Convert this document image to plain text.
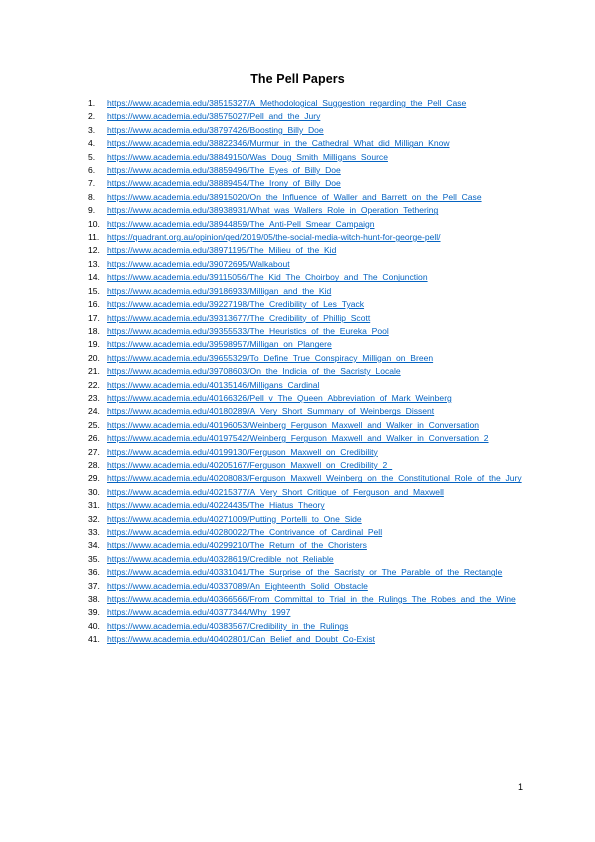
The Pell Papers
1. https://www.academia.edu/38515327/A_Methodological_Suggestion_regarding_the_Pell_Case
2. https://www.academia.edu/38575027/Pell_and_the_Jury
3. https://www.academia.edu/38797426/Boosting_Billy_Doe
4. https://www.academia.edu/38822346/Murmur_in_the_Cathedral_What_did_Milligan_Know
5. https://www.academia.edu/38849150/Was_Doug_Smith_Milligans_Source
6. https://www.academia.edu/38859496/The_Eyes_of_Billy_Doe
7. https://www.academia.edu/38889454/The_Irony_of_Billy_Doe
8. https://www.academia.edu/38915020/On_the_Influence_of_Waller_and_Barrett_on_the_Pell_Case
9. https://www.academia.edu/38938931/What_was_Wallers_Role_in_Operation_Tethering
10. https://www.academia.edu/38944859/The_Anti-Pell_Smear_Campaign
11. https://quadrant.org.au/opinion/qed/2019/05/the-social-media-witch-hunt-for-george-pell/
12. https://www.academia.edu/38971195/The_Milieu_of_the_Kid
13. https://www.academia.edu/39072695/Walkabout
14. https://www.academia.edu/39115056/The_Kid_The_Choirboy_and_The_Conjunction
15. https://www.academia.edu/39186933/Milligan_and_the_Kid
16. https://www.academia.edu/39227198/The_Credibility_of_Les_Tyack
17. https://www.academia.edu/39313677/The_Credibility_of_Phillip_Scott
18. https://www.academia.edu/39355533/The_Heuristics_of_the_Eureka_Pool
19. https://www.academia.edu/39598957/Milligan_on_Plangere
20. https://www.academia.edu/39655329/To_Define_True_Conspiracy_Milligan_on_Breen
21. https://www.academia.edu/39708603/On_the_Indicia_of_the_Sacristy_Locale
22. https://www.academia.edu/40135146/Milligans_Cardinal
23. https://www.academia.edu/40166326/Pell_v_The_Queen_Abbreviation_of_Mark_Weinberg
24. https://www.academia.edu/40180289/A_Very_Short_Summary_of_Weinbergs_Dissent
25. https://www.academia.edu/40196053/Weinberg_Ferguson_Maxwell_and_Walker_in_Conversation
26. https://www.academia.edu/40197542/Weinberg_Ferguson_Maxwell_and_Walker_in_Conversation_2
27. https://www.academia.edu/40199130/Ferguson_Maxwell_on_Credibility
28. https://www.academia.edu/40205167/Ferguson_Maxwell_on_Credibility_2_
29. https://www.academia.edu/40208083/Ferguson_Maxwell_Weinberg_on_the_Constitutional_Role_of_the_Jury
30. https://www.academia.edu/40215377/A_Very_Short_Critique_of_Ferguson_and_Maxwell
31. https://www.academia.edu/40224435/The_Hiatus_Theory
32. https://www.academia.edu/40271009/Putting_Portelli_to_One_Side
33. https://www.academia.edu/40280022/The_Contrivance_of_Cardinal_Pell
34. https://www.academia.edu/40299210/The_Return_of_the_Choristers
35. https://www.academia.edu/40328619/Credible_not_Reliable
36. https://www.academia.edu/40331041/The_Surprise_of_the_Sacristy_or_The_Parable_of_the_Rectangle
37. https://www.academia.edu/40337089/An_Eighteenth_Solid_Obstacle
38. https://www.academia.edu/40366566/From_Committal_to_Trial_in_the_Rulings_The_Robes_and_the_Wine
39. https://www.academia.edu/40377344/Why_1997
40. https://www.academia.edu/40383567/Credibility_in_the_Rulings
41. https://www.academia.edu/40402801/Can_Belief_and_Doubt_Co-Exist
1
